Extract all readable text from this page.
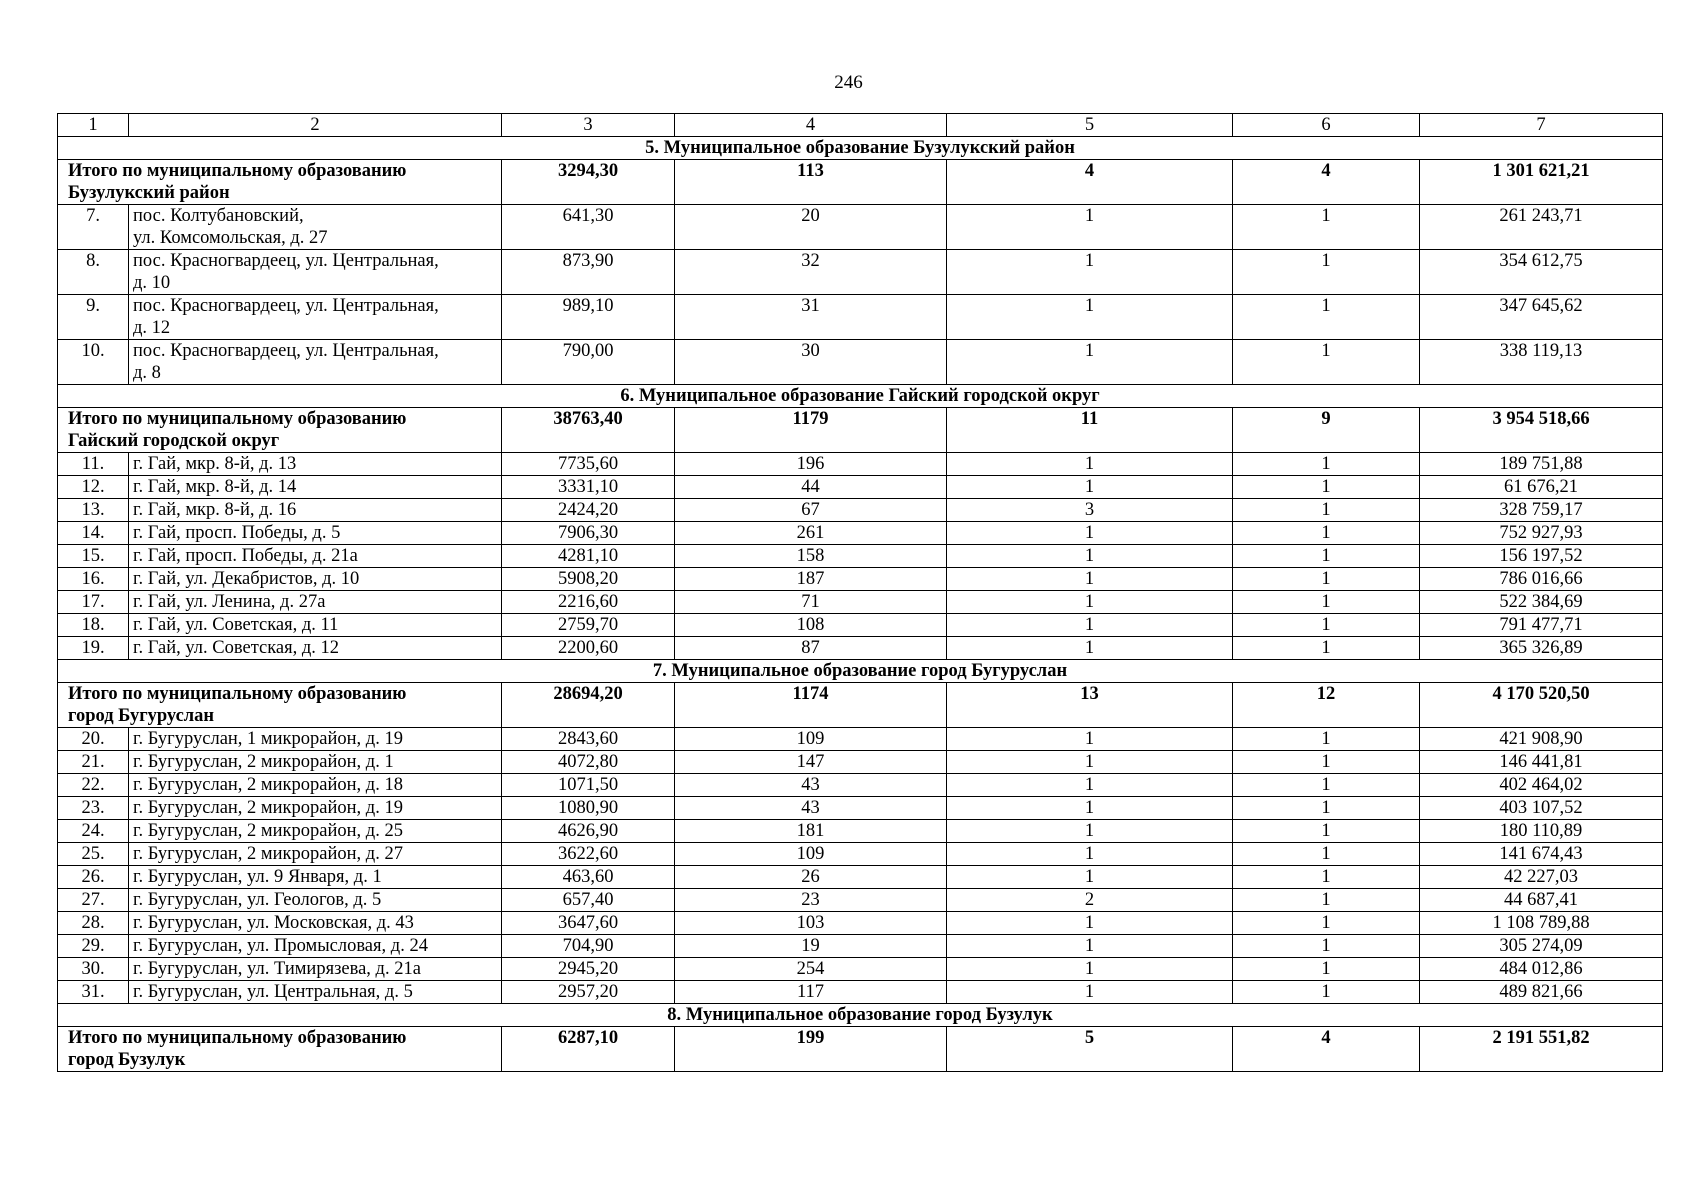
246
1	2	3	4	5	6	7
5. Муниципальное образование Бузулукский район						

Итого по муниципальному образованию
Бузулукский район		3294,30	113	4	4	1 301 621,21
7.	пос. Колтубановский,
ул. Комсомольская, д. 27	641,30	20	1	1	261 243,71
8.	пос. Красногвардеец, ул. Центральная,
д. 10	873,90	32	1	1	354 612,75
9.	пос. Красногвардеец, ул. Центральная,
д. 12	989,10	31	1	1	347 645,62
10.	пос. Красногвардеец, ул. Центральная,
д. 8	790,00	30	1	1	338 119,13
6. Муниципальное образование Гайский городской округ						

Итого по муниципальному образованию
Гайский городской округ		38763,40	1179	11	9	3 954 518,66
11.	г. Гай, мкр. 8-й, д. 13	7735,60	196	1	1	189 751,88
12.	г. Гай, мкр. 8-й, д. 14	3331,10	44	1	1	61 676,21
13.	г. Гай, мкр. 8-й, д. 16	2424,20	67	3	1	328 759,17
14.	г. Гай, просп. Победы, д. 5	7906,30	261	1	1	752 927,93
15.	г. Гай, просп. Победы, д. 21а	4281,10	158	1	1	156 197,52
16.	г. Гай, ул. Декабристов, д. 10	5908,20	187	1	1	786 016,66
17.	г. Гай, ул. Ленина, д. 27а	2216,60	71	1	1	522 384,69
18.	г. Гай, ул. Советская, д. 11	2759,70	108	1	1	791 477,71
19.	г. Гай, ул. Советская, д. 12	2200,60	87	1	1	365 326,89
7. Муниципальное образование город Бугуруслан						

Итого по муниципальному образованию
город Бугуруслан		28694,20	1174	13	12	4 170 520,50
20.	г. Бугуруслан, 1 микрорайон, д. 19	2843,60	109	1	1	421 908,90
21.	г. Бугуруслан, 2 микрорайон, д. 1	4072,80	147	1	1	146 441,81
22.	г. Бугуруслан, 2 микрорайон, д. 18	1071,50	43	1	1	402 464,02
23.	г. Бугуруслан, 2 микрорайон, д. 19	1080,90	43	1	1	403 107,52
24.	г. Бугуруслан, 2 микрорайон, д. 25	4626,90	181	1	1	180 110,89
25.	г. Бугуруслан, 2 микрорайон, д. 27	3622,60	109	1	1	141 674,43
26.	г. Бугуруслан, ул. 9 Января, д. 1	463,60	26	1	1	42 227,03
27.	г. Бугуруслан, ул. Геологов, д. 5	657,40	23	2	1	44 687,41
28.	г. Бугуруслан, ул. Московская, д. 43	3647,60	103	1	1	1 108 789,88
29.	г. Бугуруслан, ул. Промысловая, д. 24	704,90	19	1	1	305 274,09
30.	г. Бугуруслан, ул. Тимирязева, д. 21а	2945,20	254	1	1	484 012,86
31.	г. Бугуруслан, ул. Центральная, д. 5	2957,20	117	1	1	489 821,66
8. Муниципальное образование город Бузулук						

Итого по муниципальному образованию
город Бузулук		6287,10	199	5	4	2 191 551,82
